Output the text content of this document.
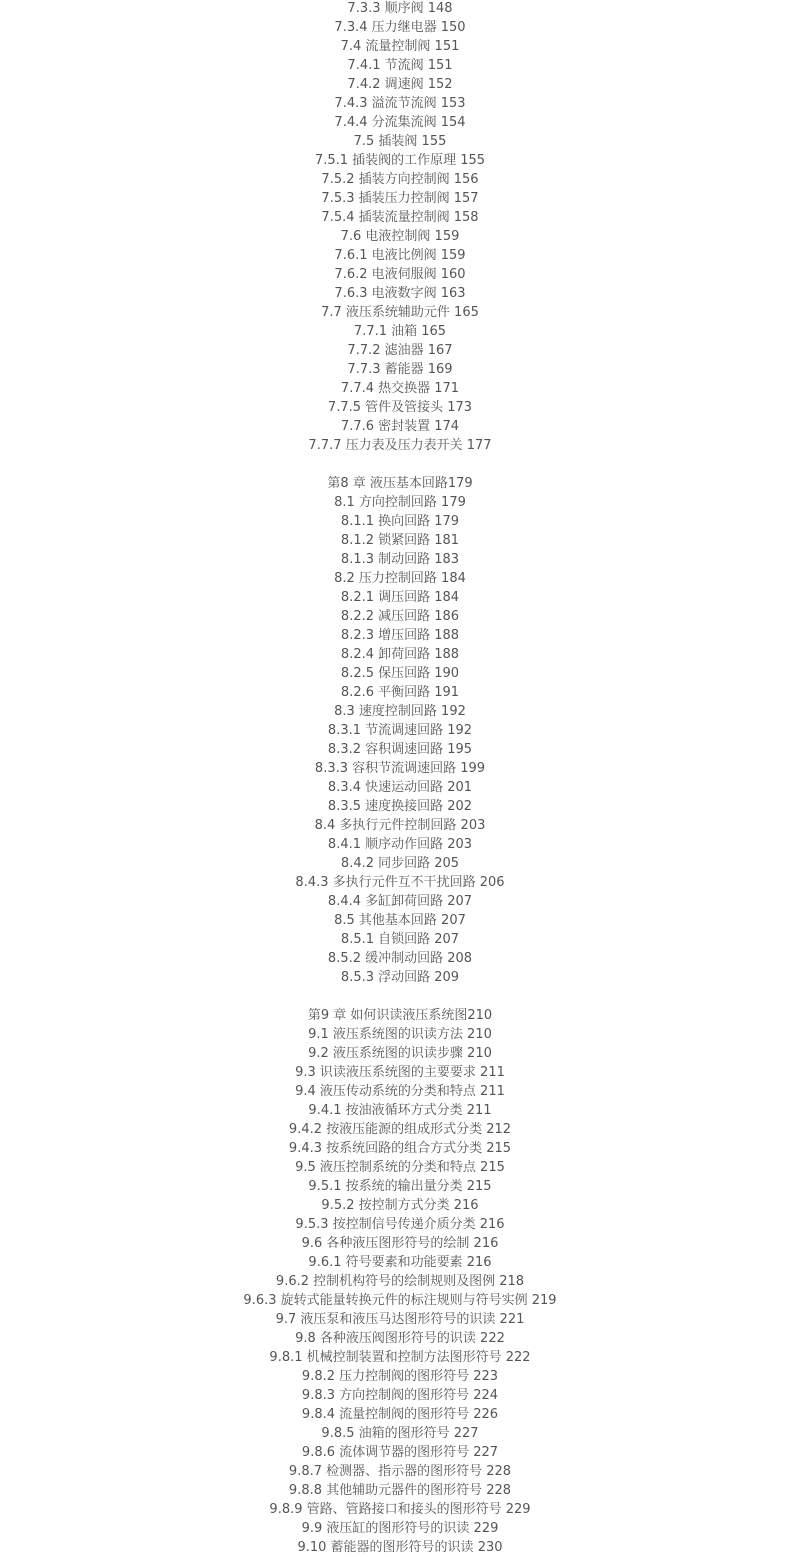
7.3.3 顺序阀 148
7.3.4 压力继电器 150
7.4 流量控制阀 151
7.4.1 节流阀 151
7.4.2 调速阀 152
7.4.3 溢流节流阀 153
7.4.4 分流集流阀 154
7.5 插装阀 155
7.5.1 插装阀的工作原理 155
7.5.2 插装方向控制阀 156
7.5.3 插装压力控制阀 157
7.5.4 插装流量控制阀 158
7.6 电液控制阀 159
7.6.1 电液比例阀 159
7.6.2 电液伺服阀 160
7.6.3 电液数字阀 163
7.7 液压系统辅助元件 165
7.7.1 油箱 165
7.7.2 滤油器 167
7.7.3 蓄能器 169
7.7.4 热交换器 171
7.7.5 管件及管接头 173
7.7.6 密封装置 174
7.7.7 压力表及压力表开关 177
第8 章 液压基本回路179
8.1 方向控制回路 179
8.1.1 换向回路 179
8.1.2 锁紧回路 181
8.1.3 制动回路 183
8.2 压力控制回路 184
8.2.1 调压回路 184
8.2.2 减压回路 186
8.2.3 增压回路 188
8.2.4 卸荷回路 188
8.2.5 保压回路 190
8.2.6 平衡回路 191
8.3 速度控制回路 192
8.3.1 节流调速回路 192
8.3.2 容积调速回路 195
8.3.3 容积节流调速回路 199
8.3.4 快速运动回路 201
8.3.5 速度换接回路 202
8.4 多执行元件控制回路 203
8.4.1 顺序动作回路 203
8.4.2 同步回路 205
8.4.3 多执行元件互不干扰回路 206
8.4.4 多缸卸荷回路 207
8.5 其他基本回路 207
8.5.1 自锁回路 207
8.5.2 缓冲制动回路 208
8.5.3 浮动回路 209
第9 章 如何识读液压系统图210
9.1 液压系统图的识读方法 210
9.2 液压系统图的识读步骤 210
9.3 识读液压系统图的主要要求 211
9.4 液压传动系统的分类和特点 211
9.4.1 按油液循环方式分类 211
9.4.2 按液压能源的组成形式分类 212
9.4.3 按系统回路的组合方式分类 215
9.5 液压控制系统的分类和特点 215
9.5.1 按系统的输出量分类 215
9.5.2 按控制方式分类 216
9.5.3 按控制信号传递介质分类 216
9.6 各种液压图形符号的绘制 216
9.6.1 符号要素和功能要素 216
9.6.2 控制机构符号的绘制规则及图例 218
9.6.3 旋转式能量转换元件的标注规则与符号实例 219
9.7 液压泵和液压马达图形符号的识读 221
9.8 各种液压阀图形符号的识读 222
9.8.1 机械控制装置和控制方法图形符号 222
9.8.2 压力控制阀的图形符号 223
9.8.3 方向控制阀的图形符号 224
9.8.4 流量控制阀的图形符号 226
9.8.5 油箱的图形符号 227
9.8.6 流体调节器的图形符号 227
9.8.7 检测器、指示器的图形符号 228
9.8.8 其他辅助元器件的图形符号 228
9.8.9 管路、管路接口和接头的图形符号 229
9.9 液压缸的图形符号的识读 229
9.10 蓄能器的图形符号的识读 230
